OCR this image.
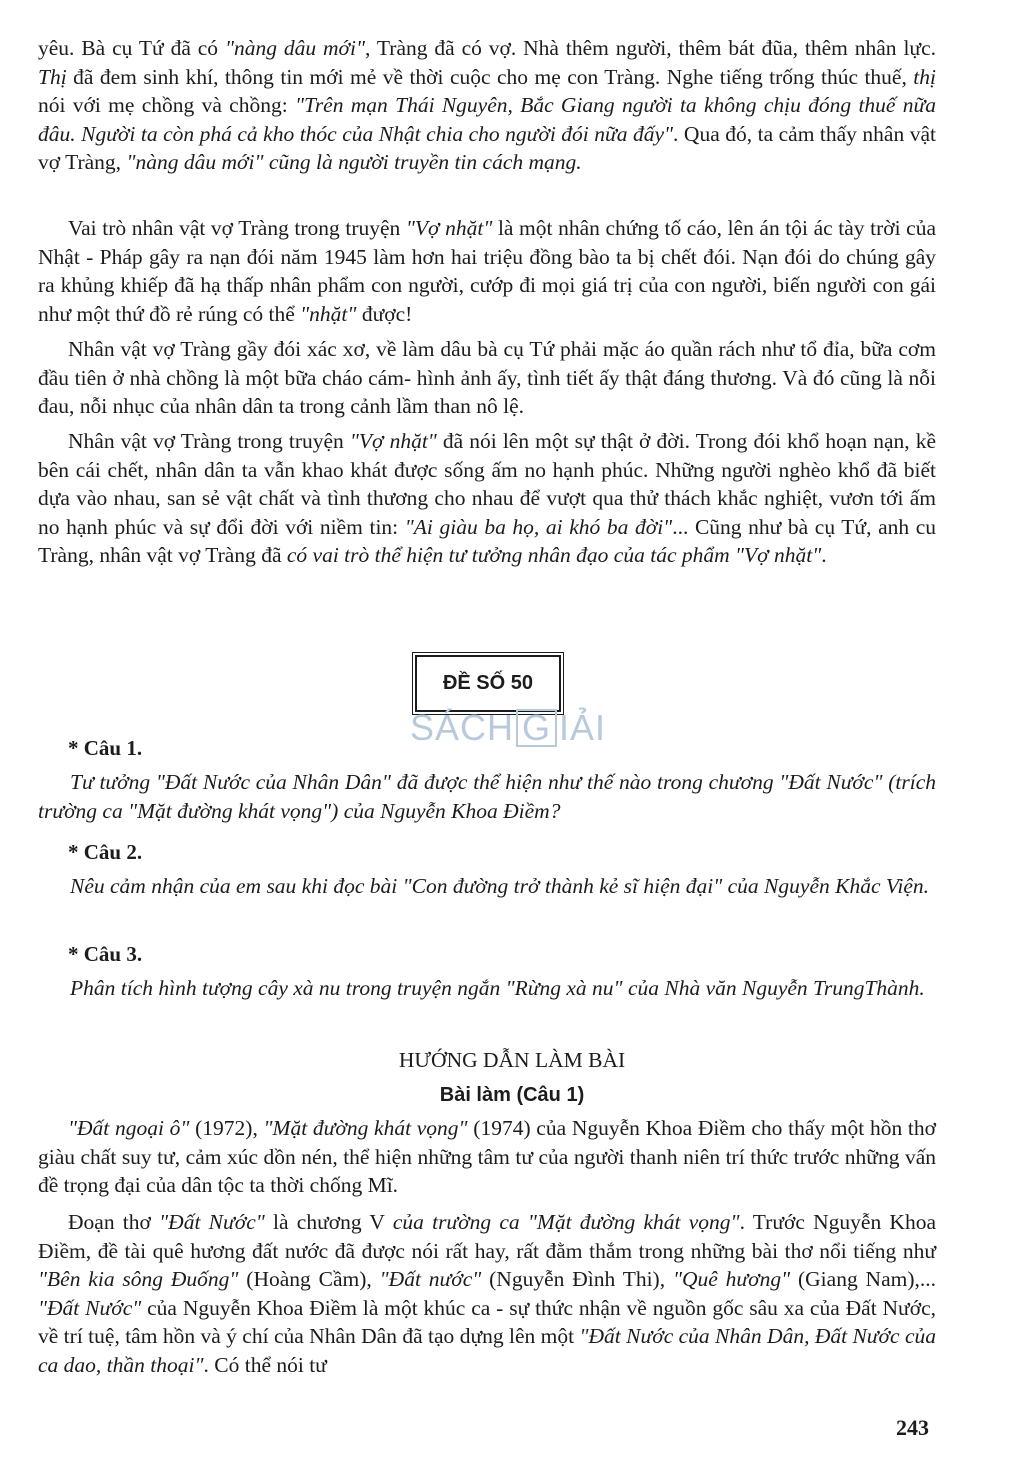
yêu. Bà cụ Tứ đã có "nàng dâu mới", Tràng đã có vợ. Nhà thêm người, thêm bát đũa, thêm nhân lực. Thị đã đem sinh khí, thông tin mới mẻ về thời cuộc cho mẹ con Tràng. Nghe tiếng trống thúc thuế, thị nói với mẹ chồng và chồng: "Trên mạn Thái Nguyên, Bắc Giang người ta không chịu đóng thuế nữa đâu. Người ta còn phá cả kho thóc của Nhật chia cho người đói nữa đấy". Qua đó, ta cảm thấy nhân vật vợ Tràng, "nàng dâu mới" cũng là người truyền tin cách mạng.

Vai trò nhân vật vợ Tràng trong truyện "Vợ nhặt" là một nhân chứng tố cáo, lên án tội ác tày trời của Nhật - Pháp gây ra nạn đói năm 1945 làm hơn hai triệu đồng bào ta bị chết đói. Nạn đói do chúng gây ra khủng khiếp đã hạ thấp nhân phẩm con người, cướp đi mọi giá trị của con người, biến người con gái như một thứ đồ rẻ rúng có thể "nhặt" được!

Nhân vật vợ Tràng gầy đói xác xơ, về làm dâu bà cụ Tứ phải mặc áo quần rách như tổ đỉa, bữa cơm đầu tiên ở nhà chồng là một bữa cháo cám- hình ảnh ấy, tình tiết ấy thật đáng thương. Và đó cũng là nỗi đau, nỗi nhục của nhân dân ta trong cảnh lầm than nô lệ.

Nhân vật vợ Tràng trong truyện "Vợ nhặt" đã nói lên một sự thật ở đời. Trong đói khổ hoạn nạn, kề bên cái chết, nhân dân ta vẫn khao khát được sống ấm no hạnh phúc. Những người nghèo khổ đã biết dựa vào nhau, san sẻ vật chất và tình thương cho nhau để vượt qua thử thách khắc nghiệt, vươn tới ấm no hạnh phúc và sự đổi đời với niềm tin: "Ai giàu ba họ, ai khó ba đời"... Cũng như bà cụ Tứ, anh cu Tràng, nhân vật vợ Tràng đã có vai trò thể hiện tư tưởng nhân đạo của tác phẩm "Vợ nhặt".

ĐỀ SỐ 50
SÁCH G IẢI
* Câu 1.

Tư tưởng "Đất Nước của Nhân Dân" đã được thể hiện như thế nào trong chương "Đất Nước" (trích trường ca "Mặt đường khát vọng") của Nguyễn Khoa Điềm?

* Câu 2.

Nêu cảm nhận của em sau khi đọc bài "Con đường trở thành kẻ sĩ hiện đại" của Nguyễn Khắc Viện.

* Câu 3.

Phân tích hình tượng cây xà nu trong truyện ngắn "Rừng xà nu" của Nhà văn Nguyễn TrungThành.

HƯỚNG DẪN LÀM BÀI

Bài làm (Câu 1)

"Đất ngoại ô" (1972), "Mặt đường khát vọng" (1974) của Nguyễn Khoa Điềm cho thấy một hồn thơ giàu chất suy tư, cảm xúc dồn nén, thể hiện những tâm tư của người thanh niên trí thức trước những vấn đề trọng đại của dân tộc ta thời chống Mĩ.

Đoạn thơ "Đất Nước" là chương V của trường ca "Mặt đường khát vọng". Trước Nguyễn Khoa Điềm, đề tài quê hương đất nước đã được nói rất hay, rất đằm thắm trong những bài thơ nổi tiếng như "Bên kia sông Đuống" (Hoàng Cầm), "Đất nước" (Nguyễn Đình Thi), "Quê hương" (Giang Nam),... "Đất Nước" của Nguyễn Khoa Điềm là một khúc ca - sự thức nhận về nguồn gốc sâu xa của Đất Nước, về trí tuệ, tâm hồn và ý chí của Nhân Dân đã tạo dựng lên một "Đất Nước của Nhân Dân, Đất Nước của ca dao, thần thoại". Có thể nói tư

243
